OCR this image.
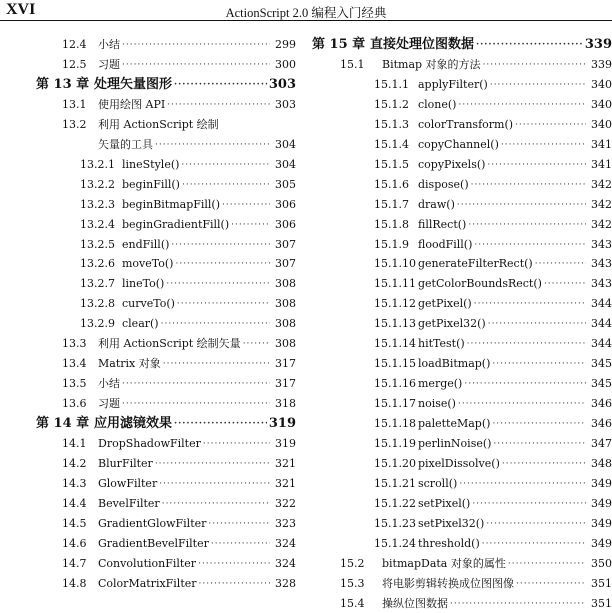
XVI	ActionScript 2.0 编程入门经典
12.4	小结 ·····	299
12.5	习题 ·····	300
第 13 章 处理矢量图形 ·····	303
13.1	使用绘图 API ·····	303
13.2	利用 ActionScript 绘制
矢量的工具 ·····	304
13.2.1 lineStyle() ·····	304
13.2.2 beginFill() ·····	305
13.2.3 beginBitmapFill() ·····	306
13.2.4 beginGradientFill() ·····	306
13.2.5 endFill() ·····	307
13.2.6 moveTo() ·····	307
13.2.7 lineTo() ·····	308
13.2.8 curveTo() ·····	308
13.2.9 clear() ·····	308
13.3	利用 ActionScript 绘制矢量 ·····	308
13.4	Matrix 对象 ·····	317
13.5	小结 ·····	317
13.6	习题 ·····	318
第 14 章 应用滤镜效果 ·····	319
14.1	DropShadowFilter ·····	319
14.2	BlurFilter ·····	321
14.3	GlowFilter ·····	321
14.4	BevelFilter ·····	322
14.5	GradientGlowFilter ·····	323
14.6	GradientBevelFilter ·····	324
14.7	ConvolutionFilter ·····	324
14.8	ColorMatrixFilter ·····	328
第 15 章 直接处理位图数据 ·····	339
15.1	Bitmap 对象的方法 ·····	339
15.1.1 applyFilter() ·····	340
15.1.2 clone() ·····	340
15.1.3 colorTransform() ·····	340
15.1.4 copyChannel() ·····	341
15.1.5 copyPixels() ·····	341
15.1.6 dispose() ·····	342
15.1.7 draw() ·····	342
15.1.8 fillRect() ·····	342
15.1.9 floodFill() ·····	343
15.1.10 generateFilterRect() ·····	343
15.1.11 getColorBoundsRect() ·····	343
15.1.12 getPixel() ·····	344
15.1.13 getPixel32() ·····	344
15.1.14 hitTest() ·····	344
15.1.15 loadBitmap() ·····	345
15.1.16 merge() ·····	345
15.1.17 noise() ·····	346
15.1.18 paletteMap() ·····	346
15.1.19 perlinNoise() ·····	347
15.1.20 pixelDissolve() ·····	348
15.1.21 scroll() ·····	349
15.1.22 setPixel() ·····	349
15.1.23 setPixel32() ·····	349
15.1.24 threshold() ·····	349
15.2	bitmapData 对象的属性 ·····	350
15.3	将电影剪辑转换成位图图像 ·····	351
15.4	操纵位图数据 ·····	351
